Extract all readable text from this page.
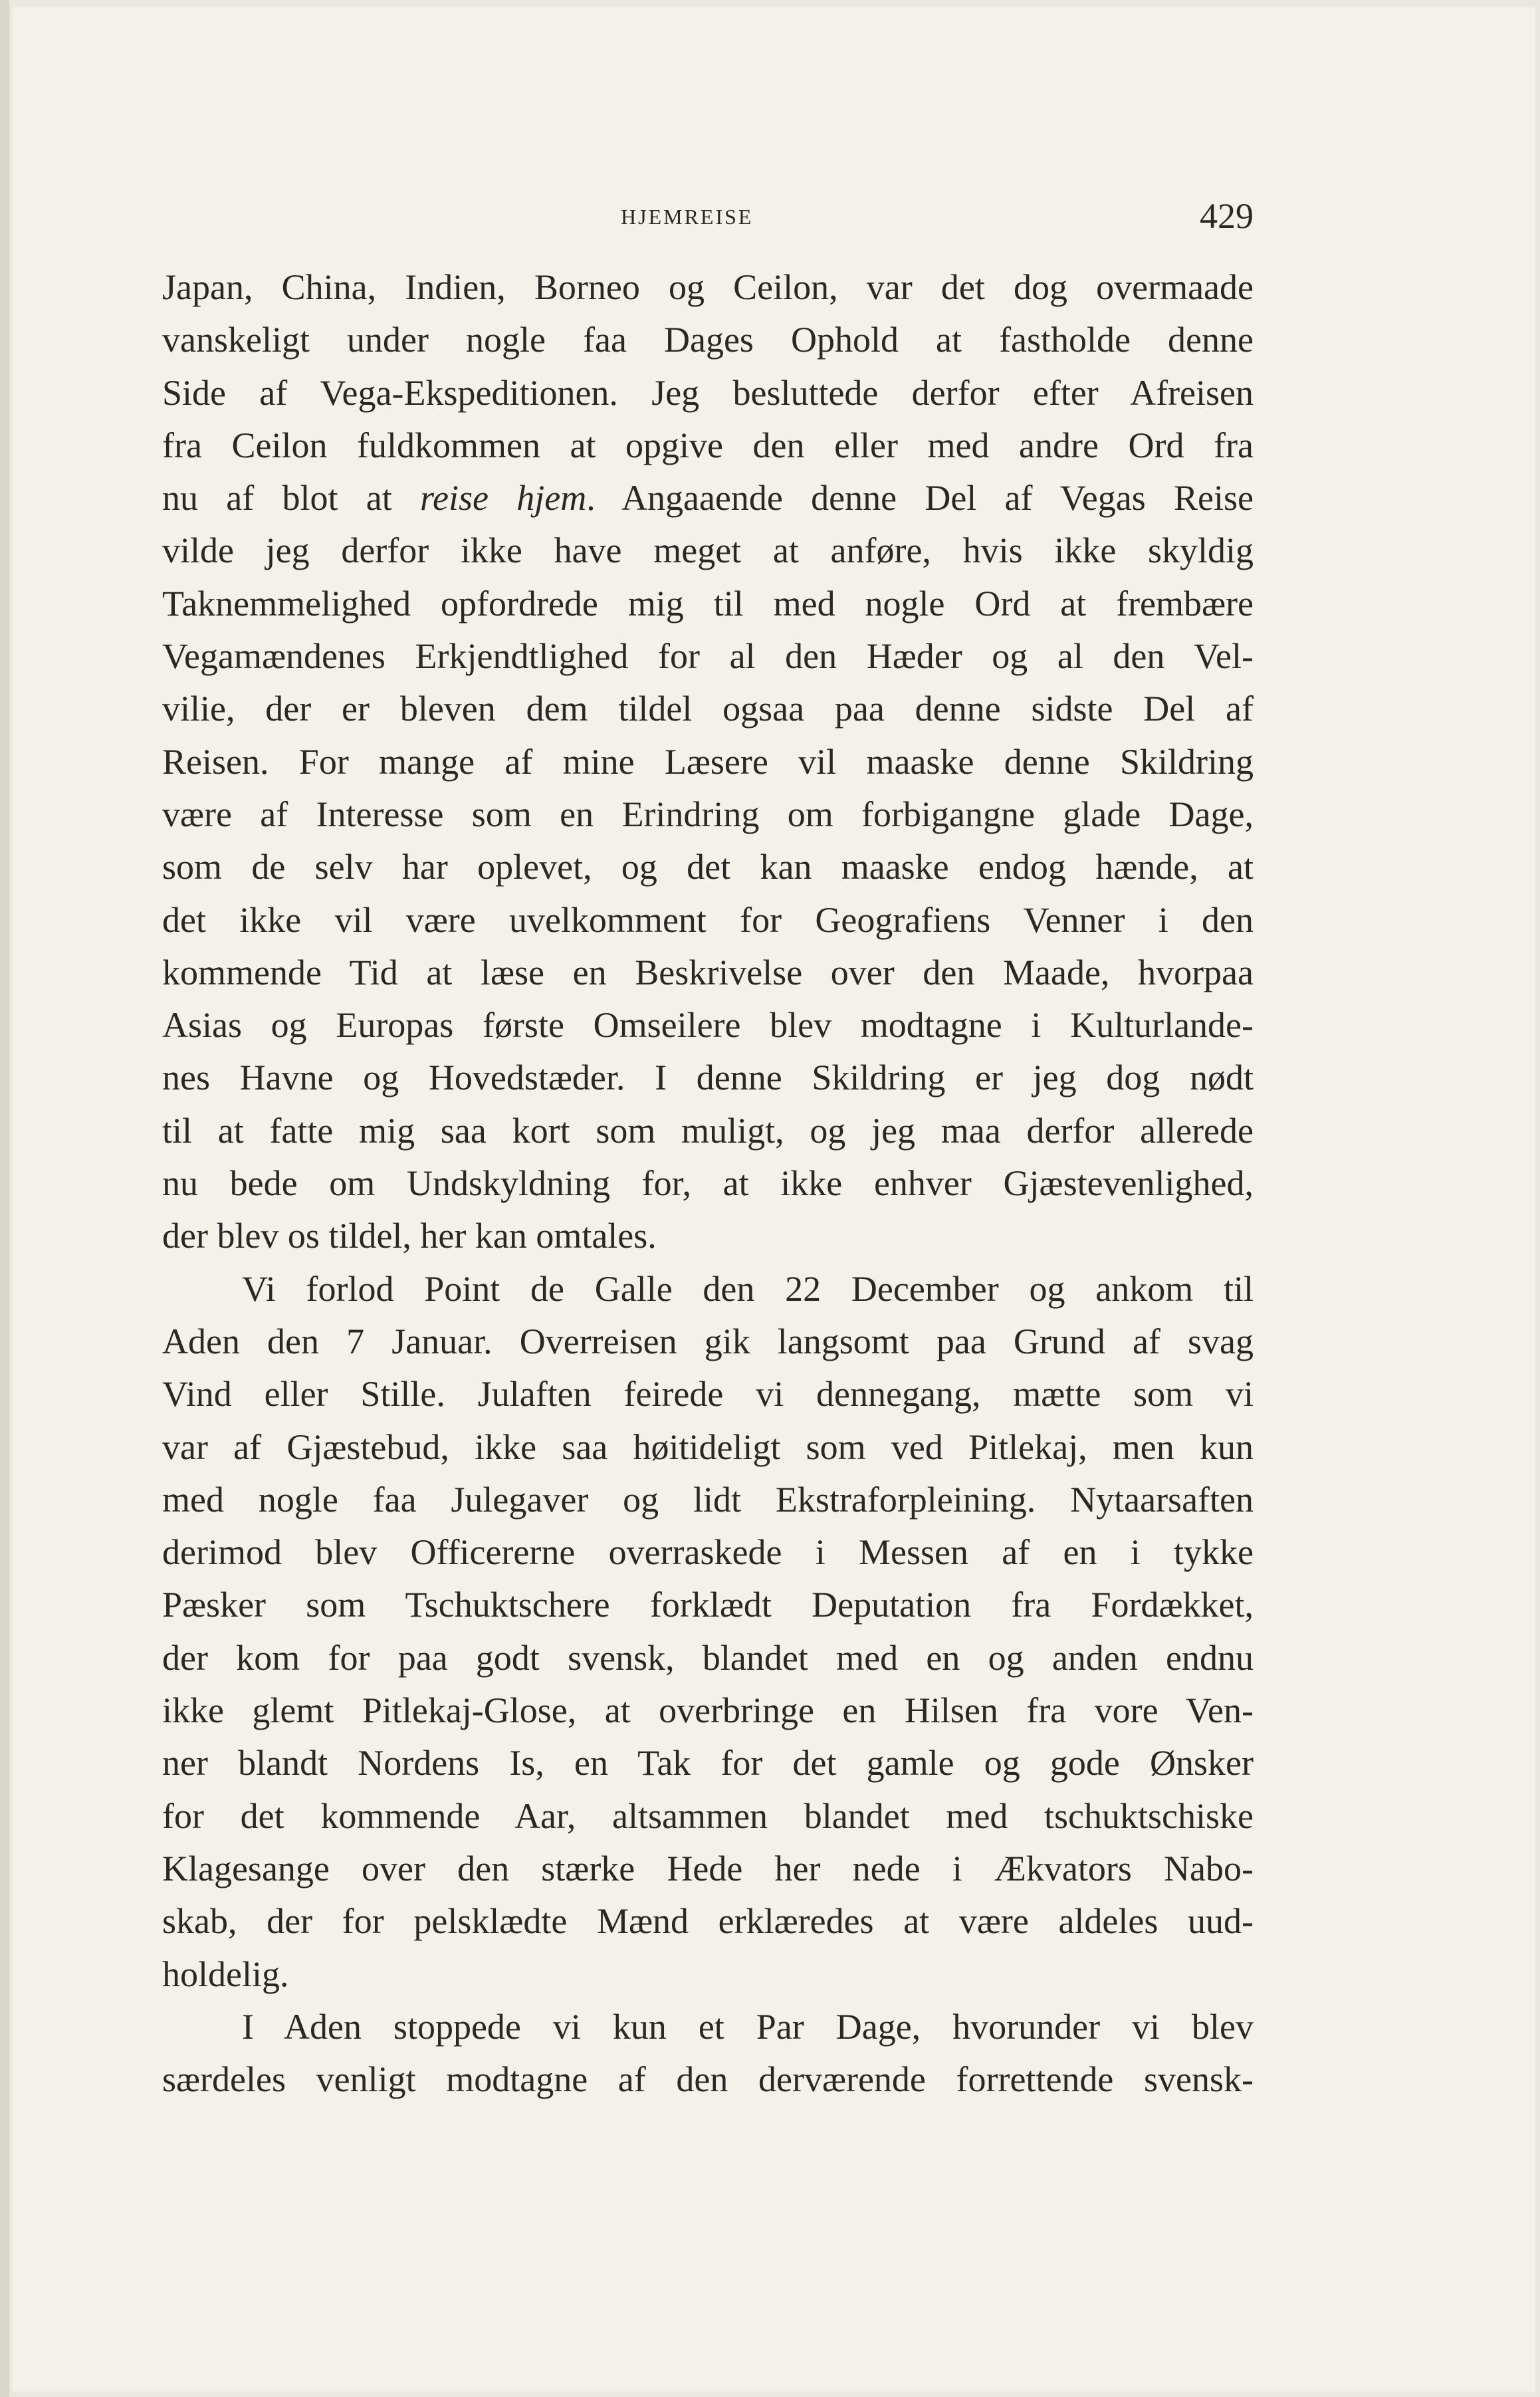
HJEMREISE	429

Japan, China, Indien, Borneo og Ceilon, var det dog overmaade
vanskeligt under nogle faa Dages Ophold at fastholde denne
Side af Vega-Ekspeditionen. Jeg besluttede derfor efter Afreisen
fra Ceilon fuldkommen at opgive den eller med andre Ord fra
nu af blot at reise hjem. Angaaende denne Del af Vegas Reise
vilde jeg derfor ikke have meget at anføre, hvis ikke skyldig
Taknemmelighed opfordrede mig til med nogle Ord at frembære
Vegamændenes Erkjendtlighed for al den Hæder og al den Vel-
vilie, der er bleven dem tildel ogsaa paa denne sidste Del af
Reisen. For mange af mine Læsere vil maaske denne Skildring
være af Interesse som en Erindring om forbigangne glade Dage,
som de selv har oplevet, og det kan maaske endog hænde, at
det ikke vil være uvelkomment for Geografiens Venner i den
kommende Tid at læse en Beskrivelse over den Maade, hvorpaa
Asias og Europas første Omseilere blev modtagne i Kulturlande-
nes Havne og Hovedstæder. I denne Skildring er jeg dog nødt
til at fatte mig saa kort som muligt, og jeg maa derfor allerede
nu bede om Undskyldning for, at ikke enhver Gjæstevenlighed,
der blev os tildel, her kan omtales.

Vi forlod Point de Galle den 22 December og ankom til
Aden den 7 Januar. Overreisen gik langsomt paa Grund af svag
Vind eller Stille. Julaften feirede vi dennegang, mætte som vi
var af Gjæstebud, ikke saa høitideligt som ved Pitlekaj, men kun
med nogle faa Julegaver og lidt Ekstraforpleining. Nytaarsaften
derimod blev Officererne overraskede i Messen af en i tykke
Pæsker som Tschuktschere forklædt Deputation fra Fordækket,
der kom for paa godt svensk, blandet med en og anden endnu
ikke glemt Pitlekaj-Glose, at overbringe en Hilsen fra vore Ven-
ner blandt Nordens Is, en Tak for det gamle og gode Ønsker
for det kommende Aar, altsammen blandet med tschuktschiske
Klagesange over den stærke Hede her nede i Ækvators Nabo-
skab, der for pelsklædte Mænd erklæredes at være aldeles uud-
holdelig.

I Aden stoppede vi kun et Par Dage, hvorunder vi blev
særdeles venligt modtagne af den derværende forrettende svensk-
